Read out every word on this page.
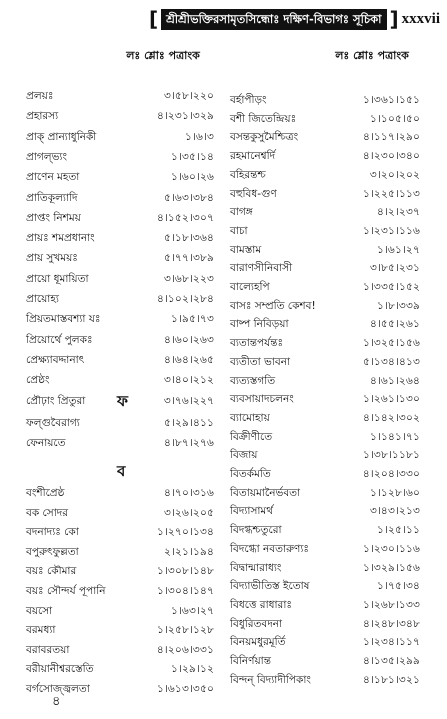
[ শ্রীশ্রীভক্তিরসামৃতসিন্ধোঃ দক্ষিণ-বিভাগঃ সূচিকা ] xxxvii
লঃ শ্লোঃ পত্রাংক	লঃ শ্লোঃ পত্রাংক
প্রলয়ঃ	৩।৫৮।২২০
প্রহারস্য	৪।২৩১।৩২৯
প্রাক্ প্রান্যাধুনিকী	১।৬।৩
প্রাগল্ভ্যং	১।৩৫।১৪
প্রাণেন মহতা	১।৬০।২৬
প্রাতিকূল্যাদি	৫।৬৩।৩৮৪
প্রাপ্তং নিশময়	৪।১৫২।৩০৭
প্রায়ঃ শমপ্রধানাং	৫।১৮।৩৬৪
প্রায় সুখময়ঃ	৫।৭৭।৩৮৯
প্রায়ো ধূমায়িতা	৩।৬৮।২২৩
প্রায়োহ্য	৪।১০২।২৮৪
প্রিয়তমাস্তবশ্যা যঃ	১।৯৫।৭৩
প্রিয়োর্থে পুলকঃ	৪।৬০।২৬৩
প্রেক্ষ্যাবদ্দানাৎ	৪।৬৪।২৬৫
প্রেষ্ঠং	৩।৪০।২১২
প্রৌঢ়াং প্রিতুরা	৩।৭৬।২২৭
ফ
ফল্গুবৈরাগ্য	৫।২৯।৪১১
ফেনায়তে	৪।৮৭।২৭৬
ব
বংশীপ্রেষ্ঠ	৪।৭০।৩১৬
বক সোদর	৩।২৬।২০৫
বদনাদ্যঃ কো	১।২৭০।১৩৪
বপুরুৎফুল্লতা	২।২১।১৯৪
বয়ঃ কৌমার	১।৩০৮।১৪৮
বয়ঃ সৌন্দর্য পূপানি	১।৩০৪।১৪৭
বয়সো	১।৬৩।২৭
বরমধ্যা	১।২৫৮।১২৮
বরাবরতয়া	৪।২০৬।৩৩১
বরীয়ানীশ্বরস্তেতি	১।২৯।১২
বর্গসোজ্জ্বলতা	১।৬১৩।৩৫০
বর্হাপীড়ং	১।৩৬১।১৫১
বশী জিতেন্দ্রিয়ঃ	১।১০৫।৫০
বসন্তকুসুমৈশ্চিত্রং	৪।১১৭।২৯০
রহমানেশ্বর্দি	৪।২৩০।৩৪০
বহিরন্তশ্চ	৩।২০।২০২
বহুবিধ-গুণ	১।২২৫।১১৩
বাগঙ্গ	৪।২।২৩৭
বাচা	১।২৩১।১১৬
বামস্তাম	১।৬১।২৭
বারাণসীনিবাসী	৩।৮৫।২৩১
বাল্যেহপি	১।৩৩৫।১৫২
বাসঃ সম্প্রতি কেশব!	১।৮।৩৩৯
বাষ্প নিবিড়য়া	৪।৫৫।২৬১
ব্যতান্তপর্যন্তঃ	১।৩২৫।১৫৬
ব্যতীতা ভাবনা	৫।১৩৪।৪১৩
ব্যত্যস্তগতি	৪।৬১।২৬৪
ব্যবসায়াদচলনং	১।২৬১।১৩০
ব্যামোহায়	৪।১৪২।৩০২
বিক্রীণীতে	১।১৪১।৭১
বিজায়	১।৩৮।১১৮১
বিতর্কমতি	৪।২০৪।৩৩০
বিতায়মানৈর্ভবতা	১।১২৮।৬০
বিদ্যাসামর্থ	৩।৪৩।২১৩
বিদগ্ধশ্চতুরো	১।২৫।১১
বিদগ্ধো নবতারুণ্যঃ	১।২৩০।১১৬
বিদ্বান্মারাধ্যং	১।৩২৯।১৫৬
বিদ্যাভীতিস্ত ইতোষ	১।৭৫।৩৪
বিধত্তে রাধারাঃ	১।২৬৮।১৩৩
বিধুরিতবদনা	৪।২৪৮।৩৪৮
বিনয়মধুরমূর্তি	১।২৩৪।১১৭
বিনির্ণয়ান্ত	৪।১৩৫।২৯৯
বিন্দন্ বিদ্যাদীপিকাং	৪।১৮১।৩২১
৪
